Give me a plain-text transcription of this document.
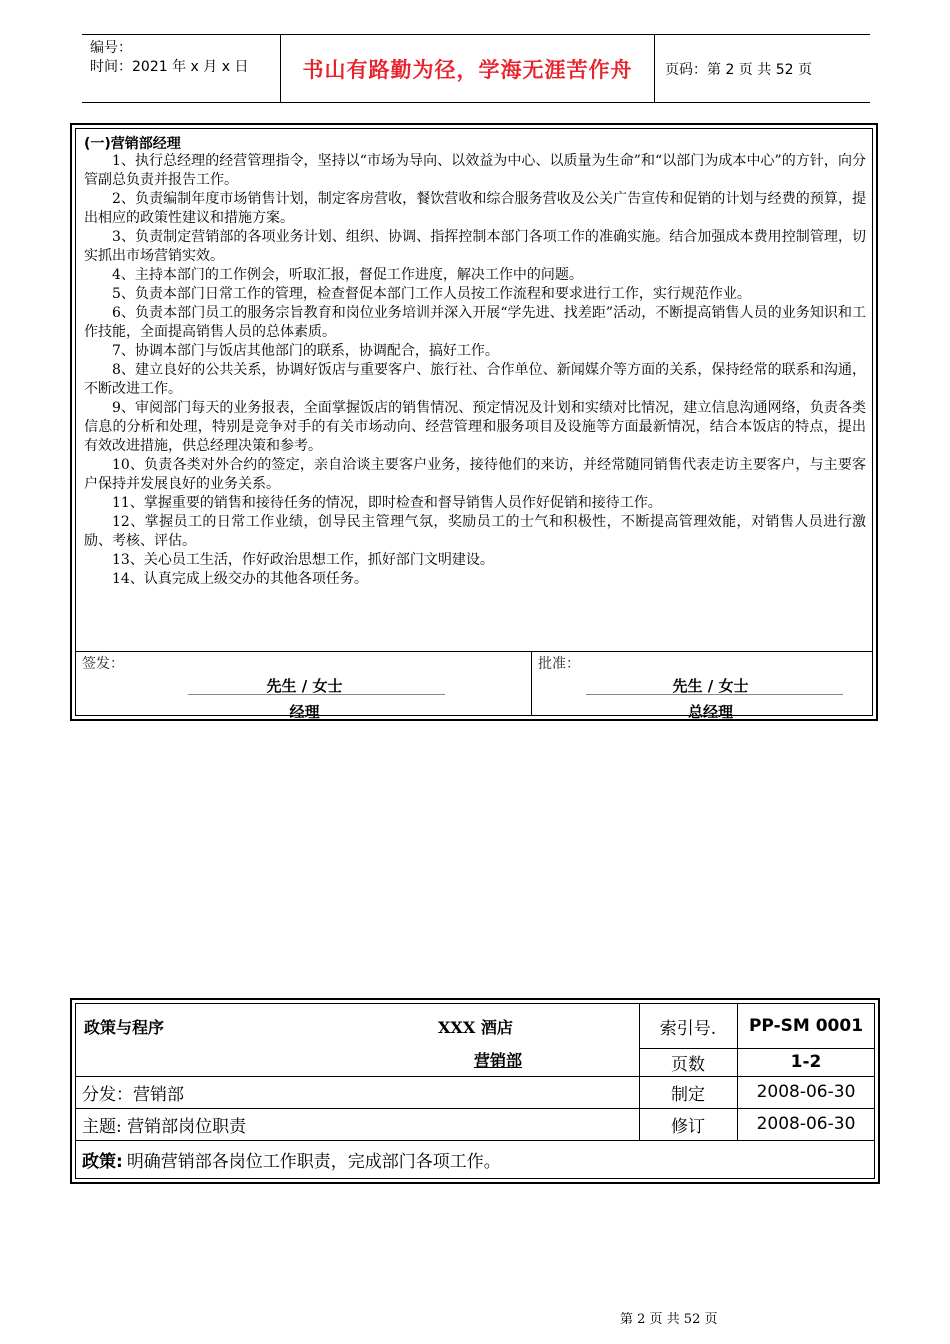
编号：
时间：2021 年 x 月 x 日	书山有路勤为径，学海无涯苦作舟	页码：第 2 页 共 52 页
(一)营销部经理

1、执行总经理的经营管理指令，坚持以“市场为导向、以效益为中心、以质量为生命”和“以部门为成本中心”的方针，向分管副总负责并报告工作。

2、负责编制年度市场销售计划，制定客房营收，餐饮营收和综合服务营收及公关广告宣传和促销的计划与经费的预算，提出相应的政策性建议和措施方案。

3、负责制定营销部的各项业务计划、组织、协调、指挥控制本部门各项工作的准确实施。结合加强成本费用控制管理，切实抓出市场营销实效。

4、主持本部门的工作例会，听取汇报，督促工作进度，解决工作中的问题。

5、负责本部门日常工作的管理，检查督促本部门工作人员按工作流程和要求进行工作，实行规范作业。

6、负责本部门员工的服务宗旨教育和岗位业务培训并深入开展“学先进、找差距”活动，不断提高销售人员的业务知识和工作技能，全面提高销售人员的总体素质。

7、协调本部门与饭店其他部门的联系，协调配合，搞好工作。

8、建立良好的公共关系，协调好饭店与重要客户、旅行社、合作单位、新闻媒介等方面的关系，保持经常的联系和沟通，不断改进工作。

9、审阅部门每天的业务报表，全面掌握饭店的销售情况、预定情况及计划和实绩对比情况，建立信息沟通网络，负责各类信息的分析和处理，特别是竞争对手的有关市场动向、经营管理和服务项目及设施等方面最新情况，结合本饭店的特点，提出有效改进措施，供总经理决策和参考。

10、负责各类对外合约的签定，亲自洽谈主要客户业务，接待他们的来访，并经常随同销售代表走访主要客户，与主要客户保持并发展良好的业务关系。

11、掌握重要的销售和接待任务的情况，即时检查和督导销售人员作好促销和接待工作。

12、掌握员工的日常工作业绩，创导民主管理气氛，奖励员工的士气和积极性，不断提高管理效能，对销售人员进行激励、考核、评估。

13、关心员工生活，作好政治思想工作，抓好部门文明建设。

14、认真完成上级交办的其他各项任务。

签发：
先生 / 女士
经理
批准：
先生 / 女士
总经理
政策与程序	XXX 酒店
营销部
索引号.	PP-SM 0001
页数	1-2
分发：营销部	制定	2008-06-30
主题: 营销部岗位职责	修订	2008-06-30
政策: 明确营销部各岗位工作职责，完成部门各项工作。
第 2 页 共 52 页
